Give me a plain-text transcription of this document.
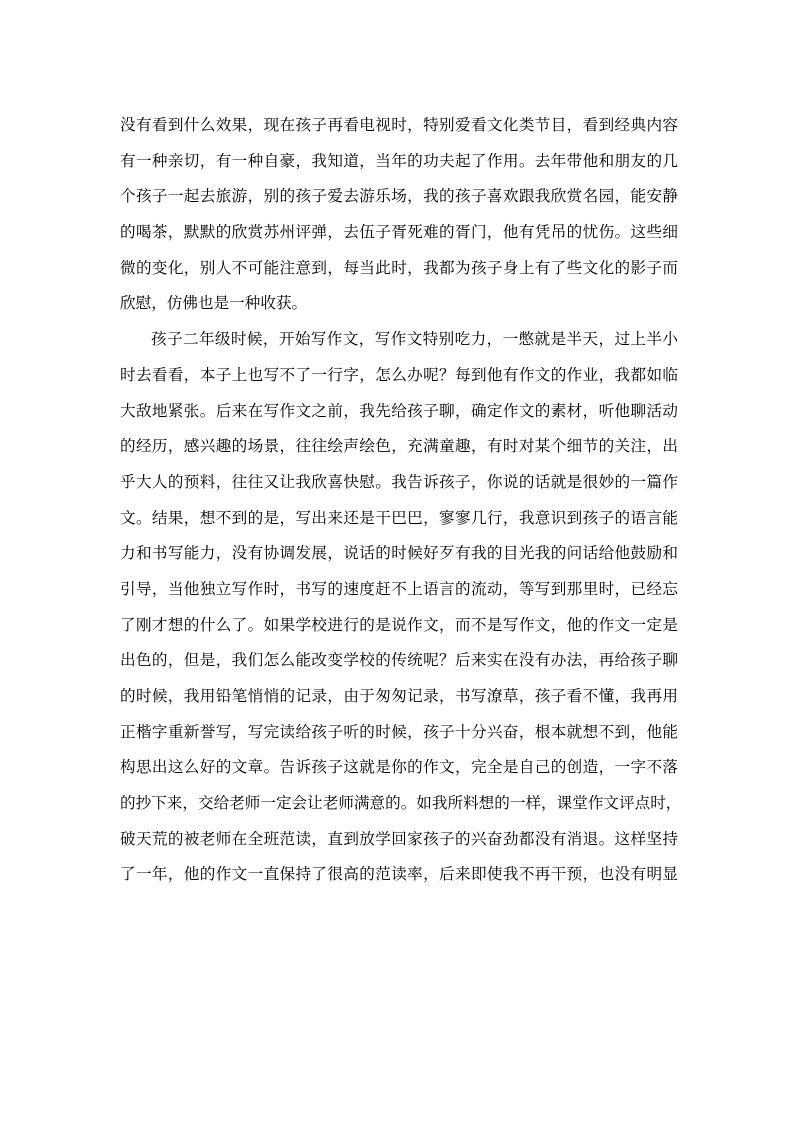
没有看到什么效果，现在孩子再看电视时，特别爱看文化类节目，看到经典内容
有一种亲切，有一种自豪，我知道，当年的功夫起了作用。去年带他和朋友的几
个孩子一起去旅游，别的孩子爱去游乐场，我的孩子喜欢跟我欣赏名园，能安静
的喝茶，默默的欣赏苏州评弹，去伍子胥死难的胥门，他有凭吊的忧伤。这些细
微的变化，别人不可能注意到，每当此时，我都为孩子身上有了些文化的影子而
欣慰，仿佛也是一种收获。
孩子二年级时候，开始写作文，写作文特别吃力，一憋就是半天，过上半小
时去看看，本子上也写不了一行字，怎么办呢？每到他有作文的作业，我都如临
大敌地紧张。后来在写作文之前，我先给孩子聊，确定作文的素材，听他聊活动
的经历，感兴趣的场景，往往绘声绘色，充满童趣，有时对某个细节的关注，出
乎大人的预料，往往又让我欣喜快慰。我告诉孩子，你说的话就是很妙的一篇作
文。结果，想不到的是，写出来还是干巴巴，寥寥几行，我意识到孩子的语言能
力和书写能力，没有协调发展，说话的时候好歹有我的目光我的问话给他鼓励和
引导，当他独立写作时，书写的速度赶不上语言的流动，等写到那里时，已经忘
了刚才想的什么了。如果学校进行的是说作文，而不是写作文，他的作文一定是
出色的，但是，我们怎么能改变学校的传统呢？后来实在没有办法，再给孩子聊
的时候，我用铅笔悄悄的记录，由于匆匆记录，书写潦草，孩子看不懂，我再用
正楷字重新誉写，写完读给孩子听的时候，孩子十分兴奋，根本就想不到，他能
构思出这么好的文章。告诉孩子这就是你的作文，完全是自己的创造，一字不落
的抄下来，交给老师一定会让老师满意的。如我所料想的一样，课堂作文评点时，
破天荒的被老师在全班范读，直到放学回家孩子的兴奋劲都没有消退。这样坚持
了一年，他的作文一直保持了很高的范读率，后来即使我不再干预，也没有明显
